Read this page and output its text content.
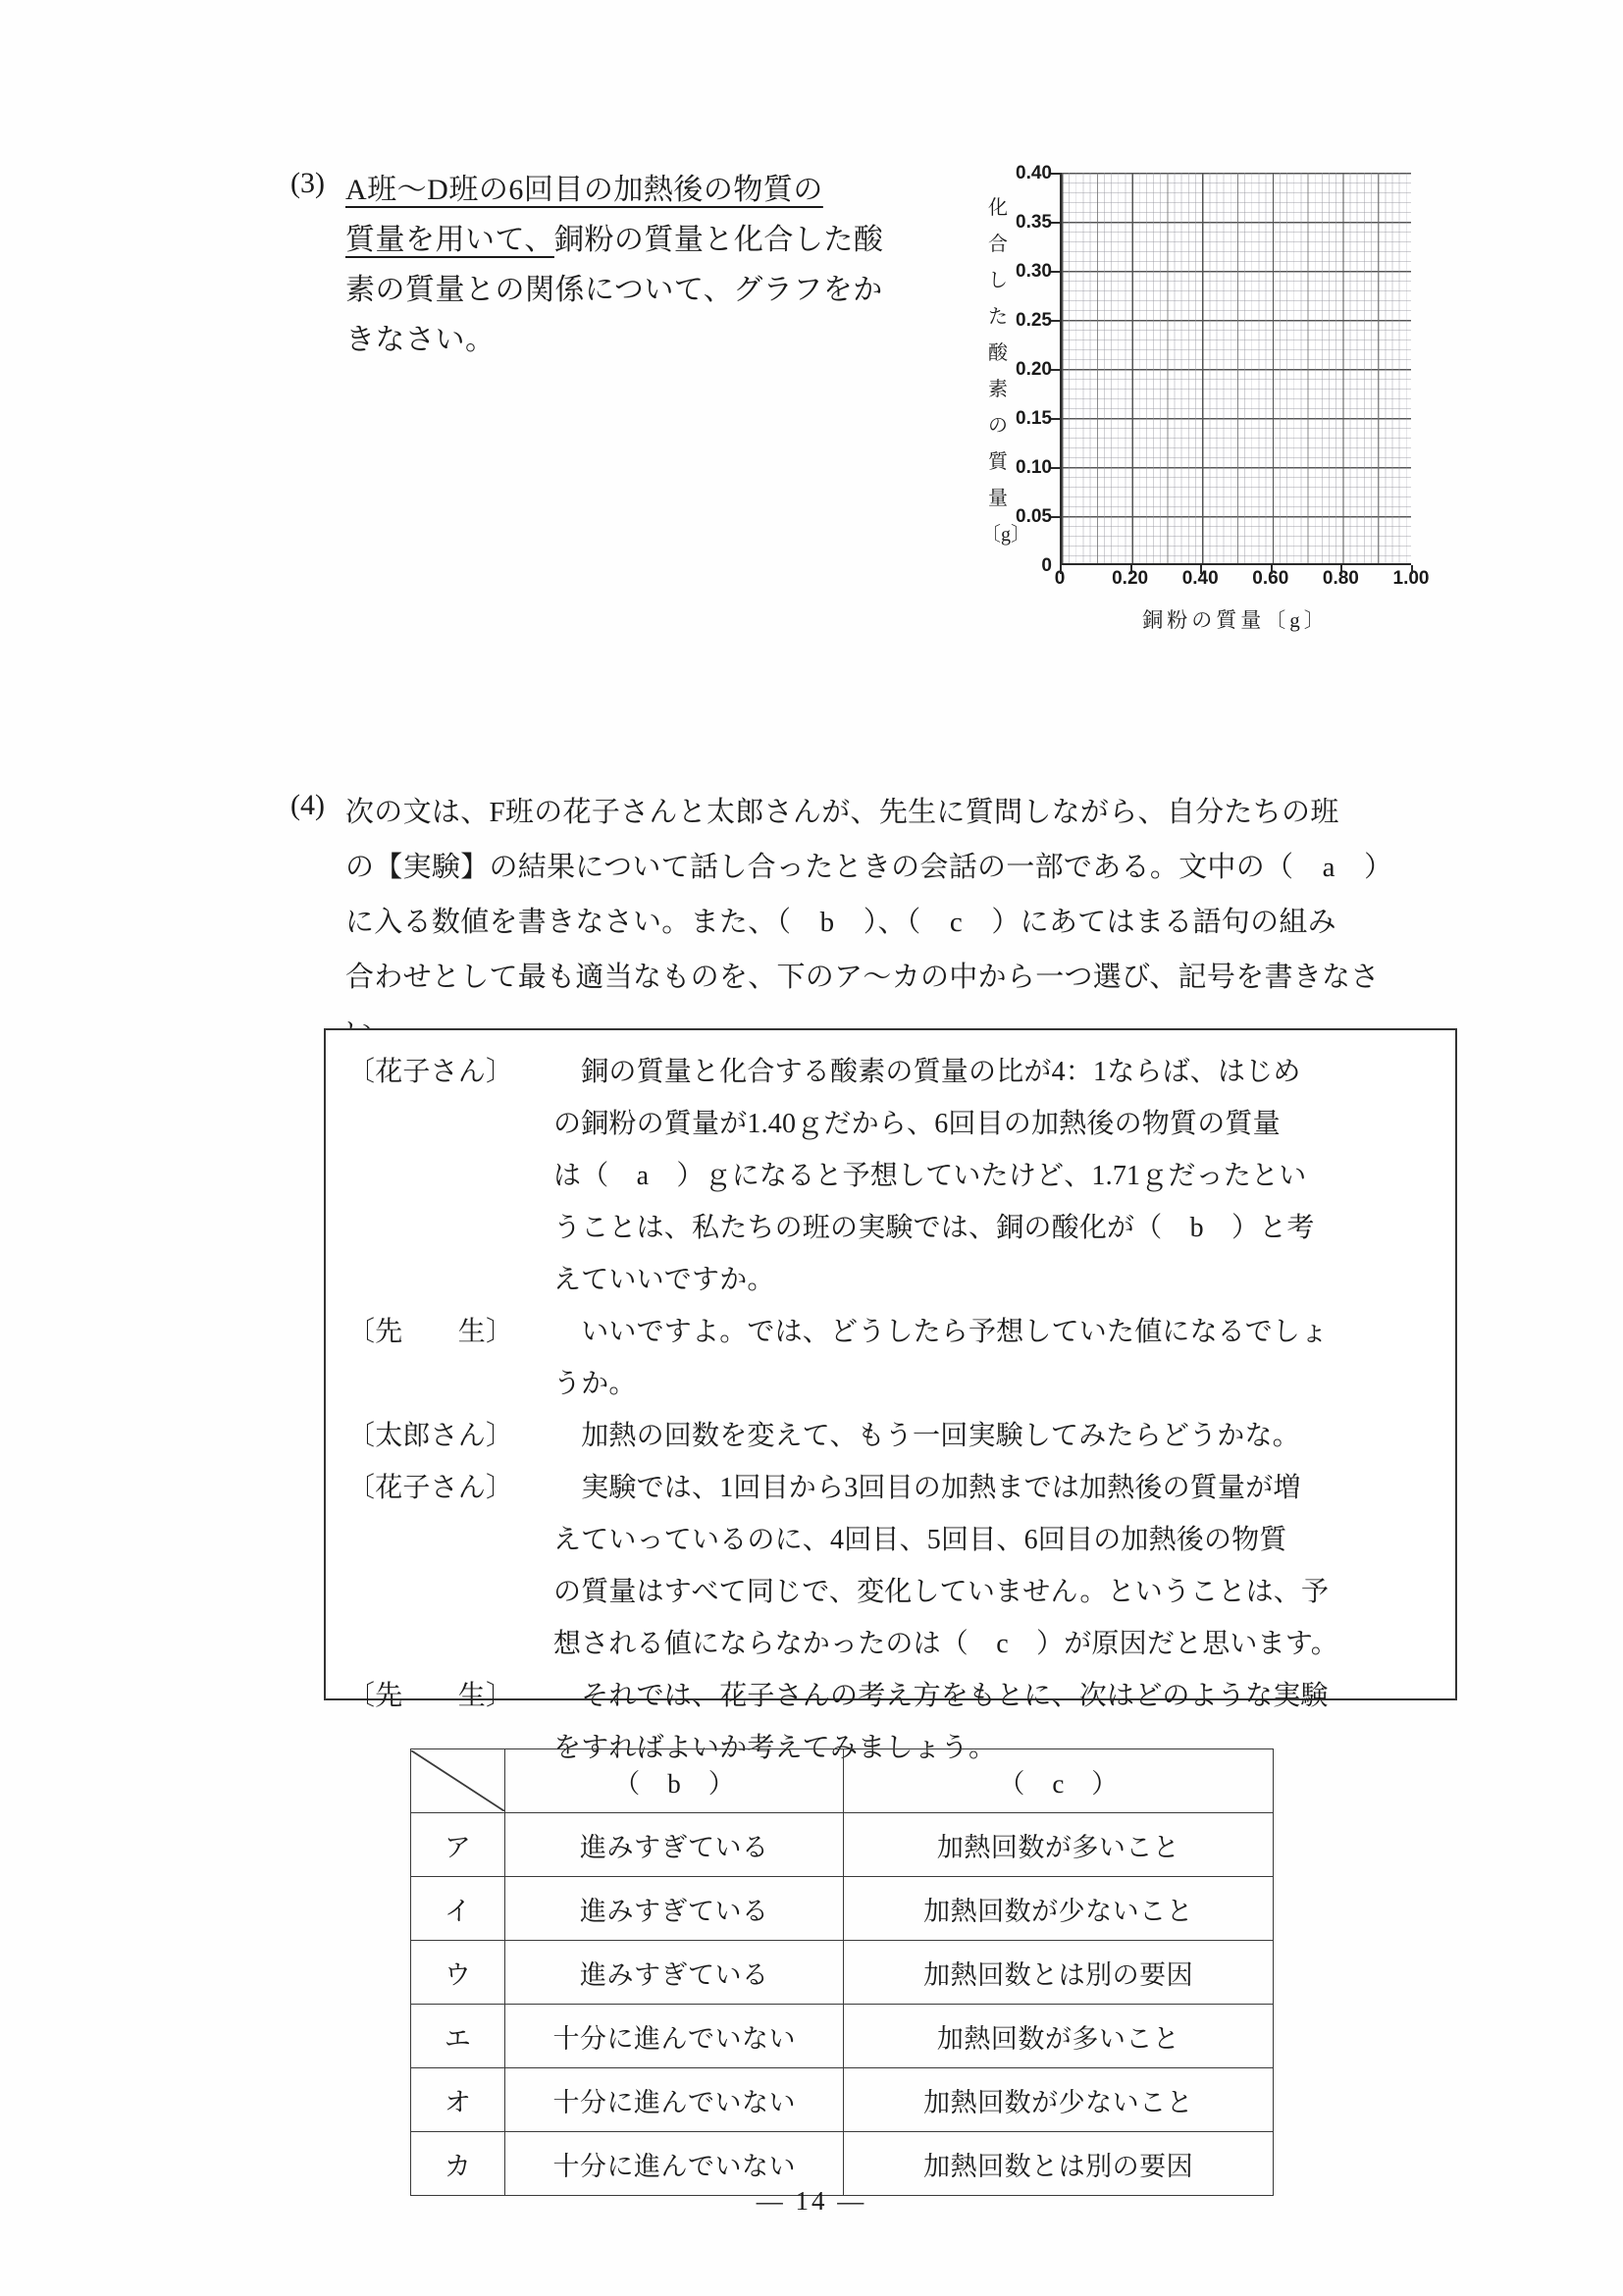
(3) A班〜D班の6回目の加熱後の物質の
質量を用いて、銅粉の質量と化合した酸
素の質量との関係について、グラフをか
きなさい。
化
合
し
た
酸
素
の
質
量
〔g〕
0.40
0.35
0.30
0.25
0.20
0.15
0.10
0.05
0
0	0.20 0.40 0.60 0.80 1.00
銅粉の質量〔g〕
(4) 次の文は、F班の花子さんと太郎さんが、先生に質問しながら、自分たちの班
の【実験】の結果について話し合ったときの会話の一部である。文中の（　a　）
に入る数値を書きなさい。また、（　b　）、（　c　）にあてはまる語句の組み
合わせとして最も適当なものを、下のア〜カの中から一つ選び、記号を書きなさ
〔花子さん〕	　銅の質量と化合する酸素の質量の比が4：1ならば、はじめ
の銅粉の質量が1.40ｇだから、6回目の加熱後の物質の質量
は（　a　）ｇになると予想していたけど、1.71ｇだったとい
うことは、私たちの班の実験では、銅の酸化が（　b　）と考
えていいですか。
〔先　　生〕	　いいですよ。では、どうしたら予想していた値になるでしょ
うか。
〔太郎さん〕	　加熱の回数を変えて、もう一回実験してみたらどうかな。
〔花子さん〕	　実験では、1回目から3回目の加熱までは加熱後の質量が増
えていっているのに、4回目、5回目、6回目の加熱後の物質
の質量はすべて同じで、変化していません。ということは、予
想される値にならなかったのは（　c　）が原因だと思います。
〔先　　生〕	　それでは、花子さんの考え方をもとに、次はどのような実験
をすればよいか考えてみましょう。
	（　b　）	（　c　）
ア	進みすぎている	加熱回数が多いこと
イ	進みすぎている	加熱回数が少ないこと
ウ	進みすぎている	加熱回数とは別の要因
エ	十分に進んでいない	加熱回数が多いこと
オ	十分に進んでいない	加熱回数が少ないこと
カ	十分に進んでいない	加熱回数とは別の要因
— 14 —
